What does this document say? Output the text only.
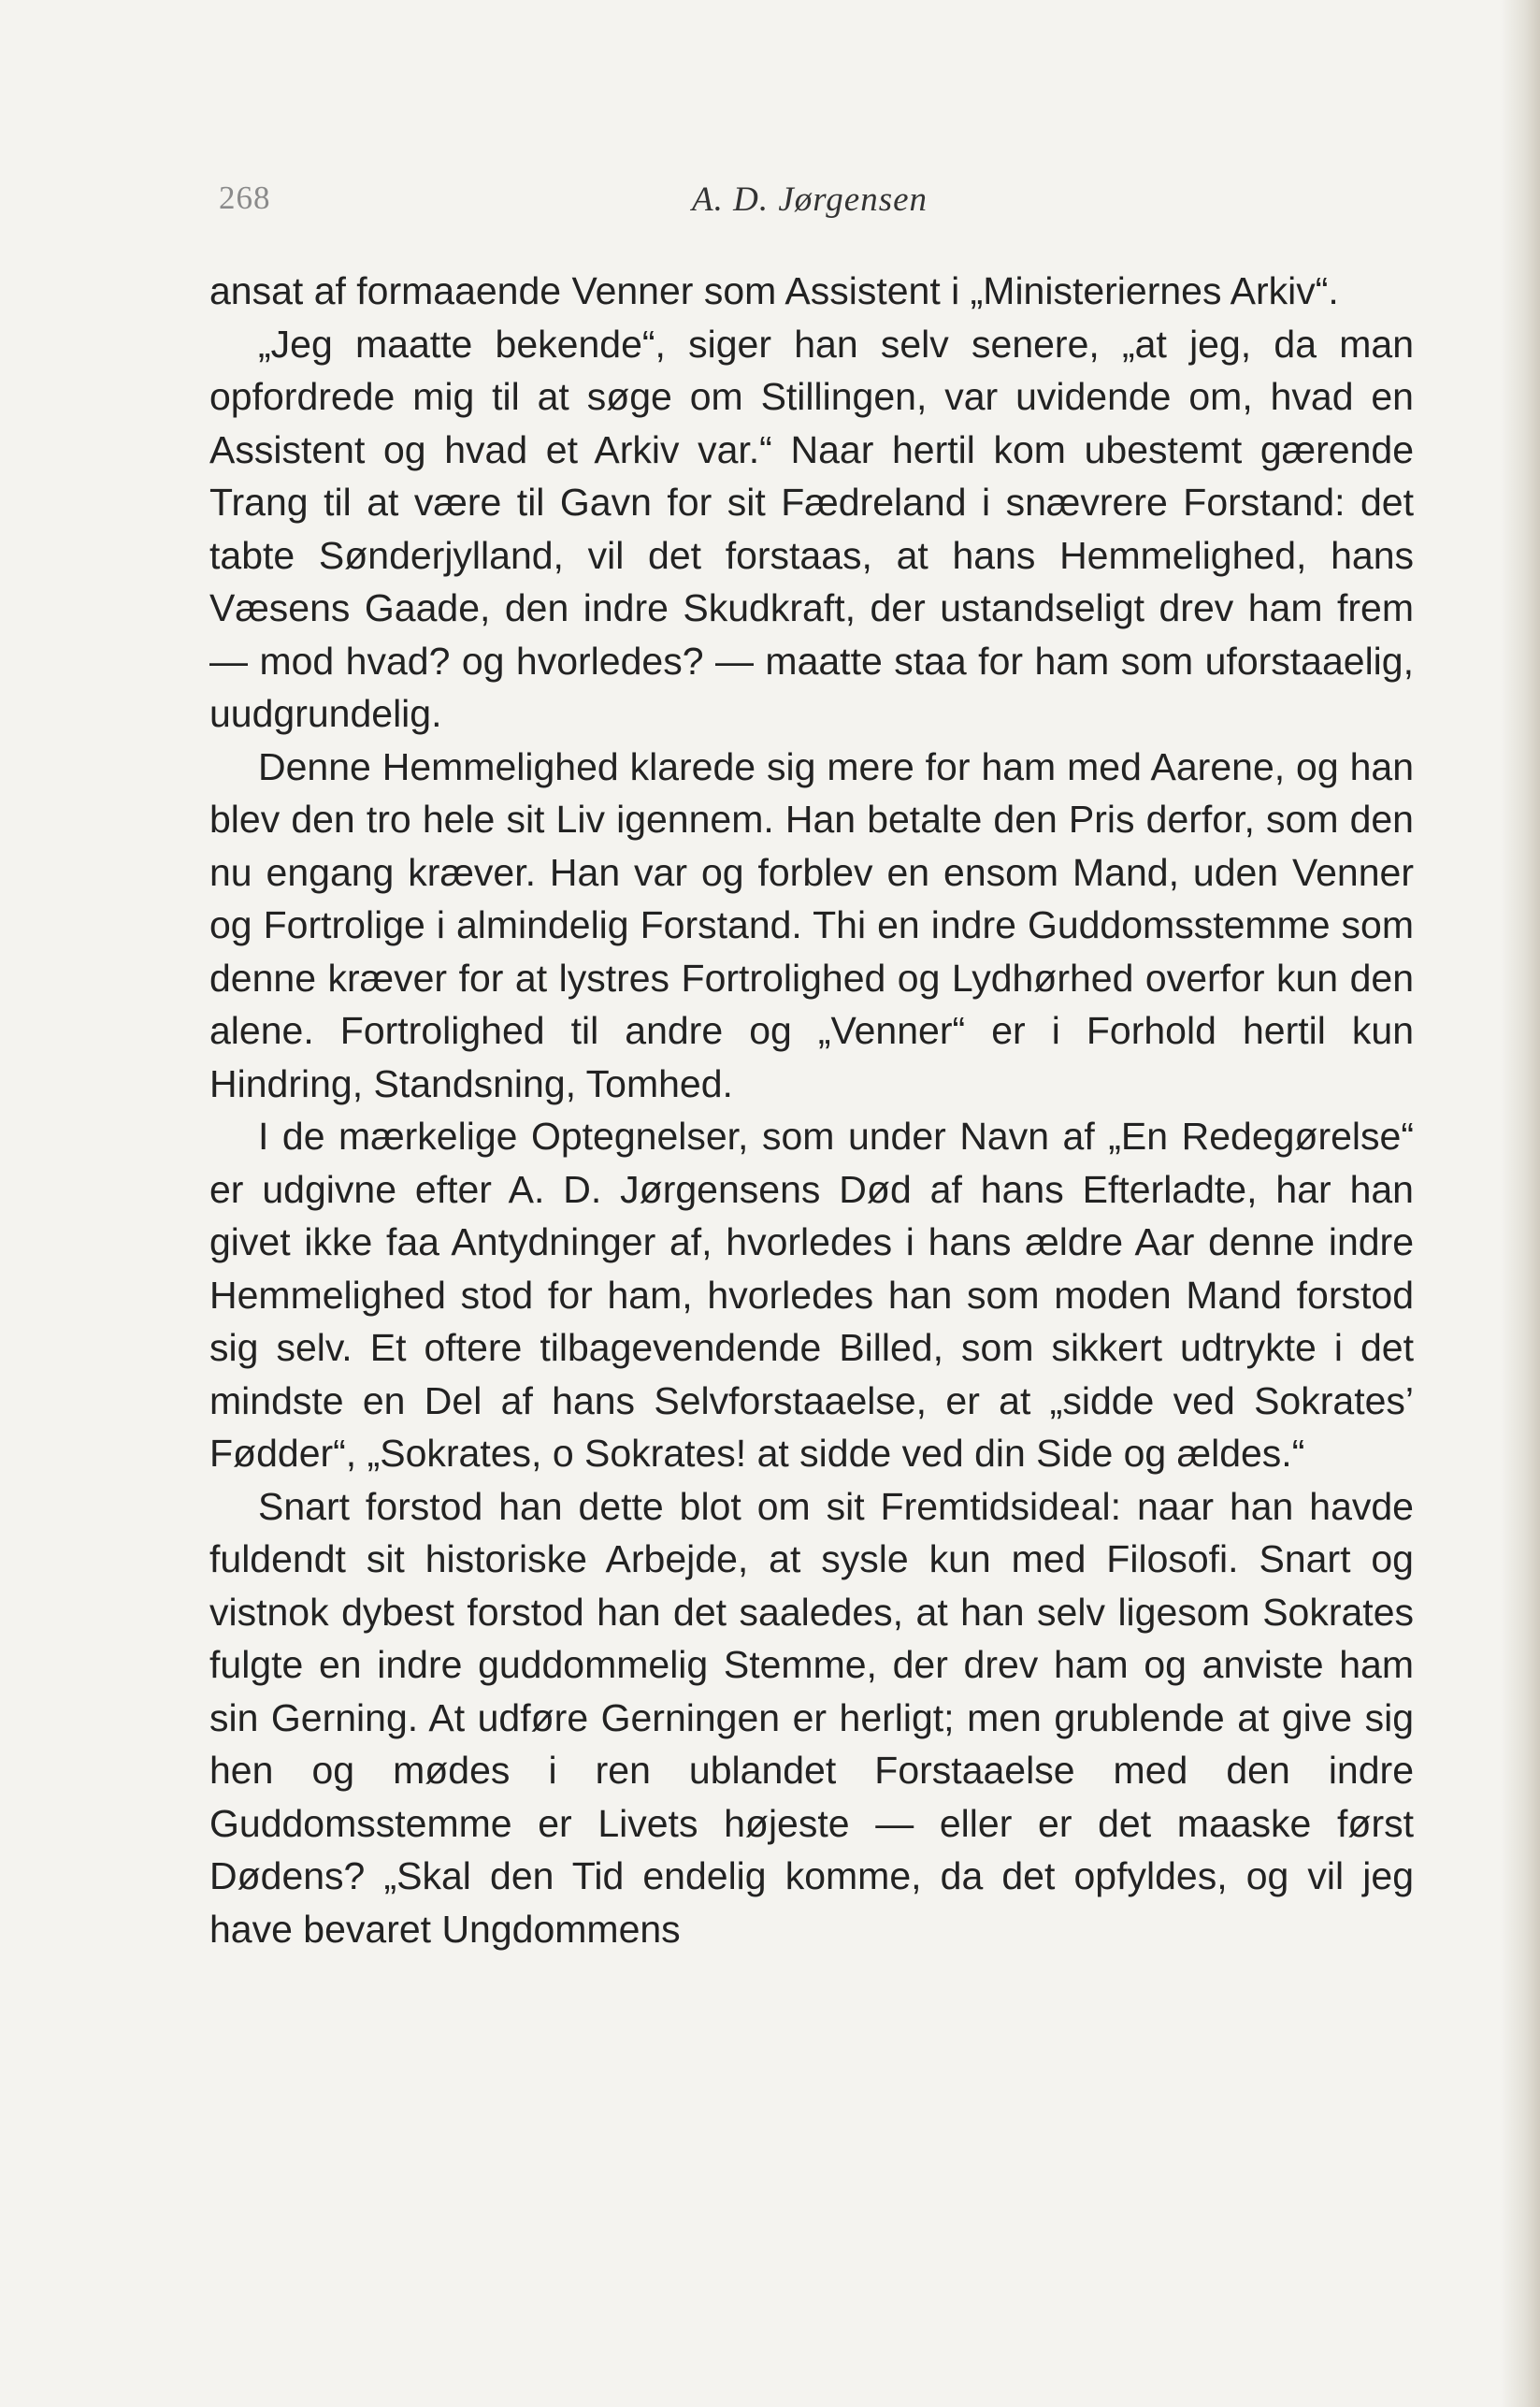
268	A. D. Jørgensen

ansat af formaaende Venner som Assistent i „Ministeriernes Arkiv“.

„Jeg maatte bekende“, siger han selv senere, „at jeg, da man opfordrede mig til at søge om Stillingen, var uvidende om, hvad en Assistent og hvad et Arkiv var.“ Naar hertil kom ubestemt gærende Trang til at være til Gavn for sit Fædreland i snævrere Forstand: det tabte Sønderjylland, vil det forstaas, at hans Hemmelighed, hans Væsens Gaade, den indre Skudkraft, der ustandseligt drev ham frem — mod hvad? og hvorledes? — maatte staa for ham som uforstaaelig, uudgrundelig.

Denne Hemmelighed klarede sig mere for ham med Aarene, og han blev den tro hele sit Liv igennem. Han betalte den Pris derfor, som den nu engang kræver. Han var og forblev en ensom Mand, uden Venner og Fortrolige i almindelig Forstand. Thi en indre Guddomsstemme som denne kræver for at lystres Fortrolighed og Lydhørhed overfor kun den alene. Fortrolighed til andre og „Venner“ er i Forhold hertil kun Hindring, Standsning, Tomhed.

I de mærkelige Optegnelser, som under Navn af „En Redegørelse“ er udgivne efter A. D. Jørgensens Død af hans Efterladte, har han givet ikke faa Antydninger af, hvorledes i hans ældre Aar denne indre Hemmelighed stod for ham, hvorledes han som moden Mand forstod sig selv. Et oftere tilbagevendende Billed, som sikkert udtrykte i det mindste en Del af hans Selvforstaaelse, er at „sidde ved Sokrates’ Fødder“, „Sokrates, o Sokrates! at sidde ved din Side og ældes.“

Snart forstod han dette blot om sit Fremtidsideal: naar han havde fuldendt sit historiske Arbejde, at sysle kun med Filosofi. Snart og vistnok dybest forstod han det saaledes, at han selv ligesom Sokrates fulgte en indre guddommelig Stemme, der drev ham og anviste ham sin Gerning. At udføre Gerningen er herligt; men grublende at give sig hen og mødes i ren ublandet Forstaaelse med den indre Guddomsstemme er Livets højeste — eller er det maaske først Dødens? „Skal den Tid endelig komme, da det opfyldes, og vil jeg have bevaret Ungdommens
